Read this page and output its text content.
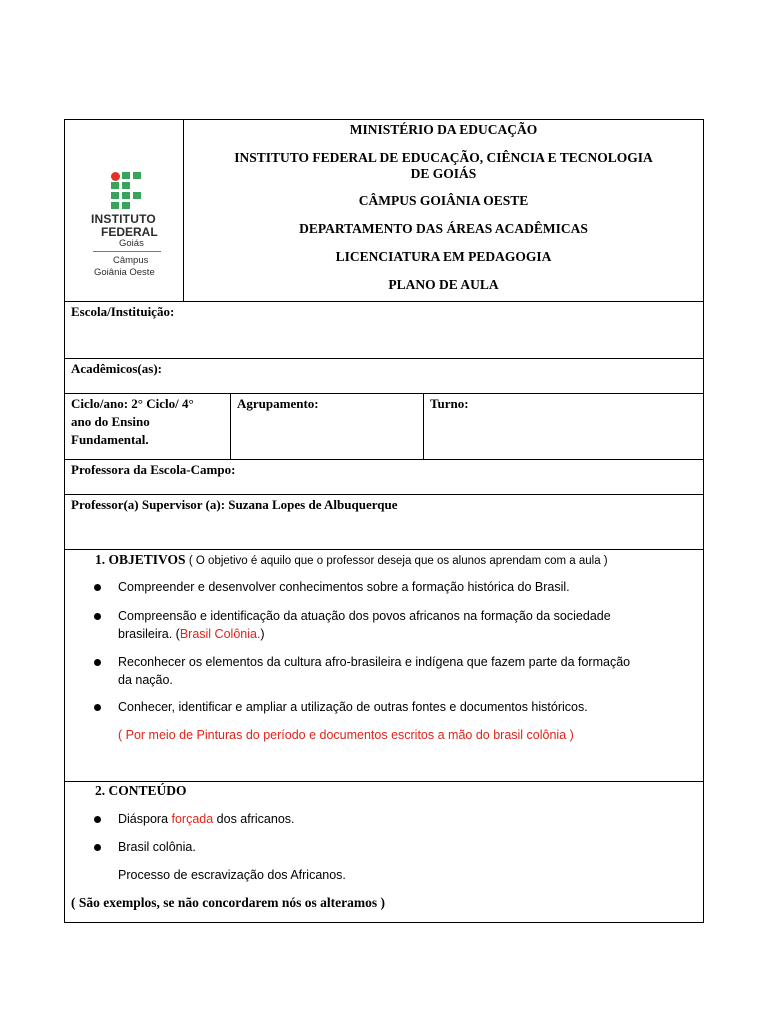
INSTITUTO
FEDERAL
Goiás
Câmpus
Goiânia Oeste
MINISTÉRIO DA EDUCAÇÃO
INSTITUTO FEDERAL DE EDUCAÇÃO, CIÊNCIA E TECNOLOGIA
DE GOIÁS
CÂMPUS GOIÂNIA OESTE
DEPARTAMENTO DAS ÁREAS ACADÊMICAS
LICENCIATURA EM PEDAGOGIA
PLANO DE AULA
Escola/Instituição:
Acadêmicos(as):
Ciclo/ano: 2° Ciclo/ 4°
ano do Ensino
Fundamental.
Agrupamento:	Turno:
Professora da Escola-Campo:
Professor(a) Supervisor (a): Suzana Lopes de Albuquerque
1. OBJETIVOS ( O objetivo é aquilo que o professor deseja que os alunos aprendam com a aula )
Compreender e desenvolver conhecimentos sobre a formação histórica do Brasil.
Compreensão e identificação da atuação dos povos africanos na formação da sociedade
brasileira. (Brasil Colônia.)
Reconhecer os elementos da cultura afro-brasileira e indígena que fazem parte da formação
da nação.
Conhecer, identificar e ampliar a utilização de outras fontes e documentos históricos.
( Por meio de Pinturas do período e documentos escritos a mão do brasil colônia )
2. CONTEÚDO
Diáspora forçada dos africanos.
Brasil colônia.
Processo de escravização dos Africanos.
( São exemplos, se não concordarem nós os alteramos )
